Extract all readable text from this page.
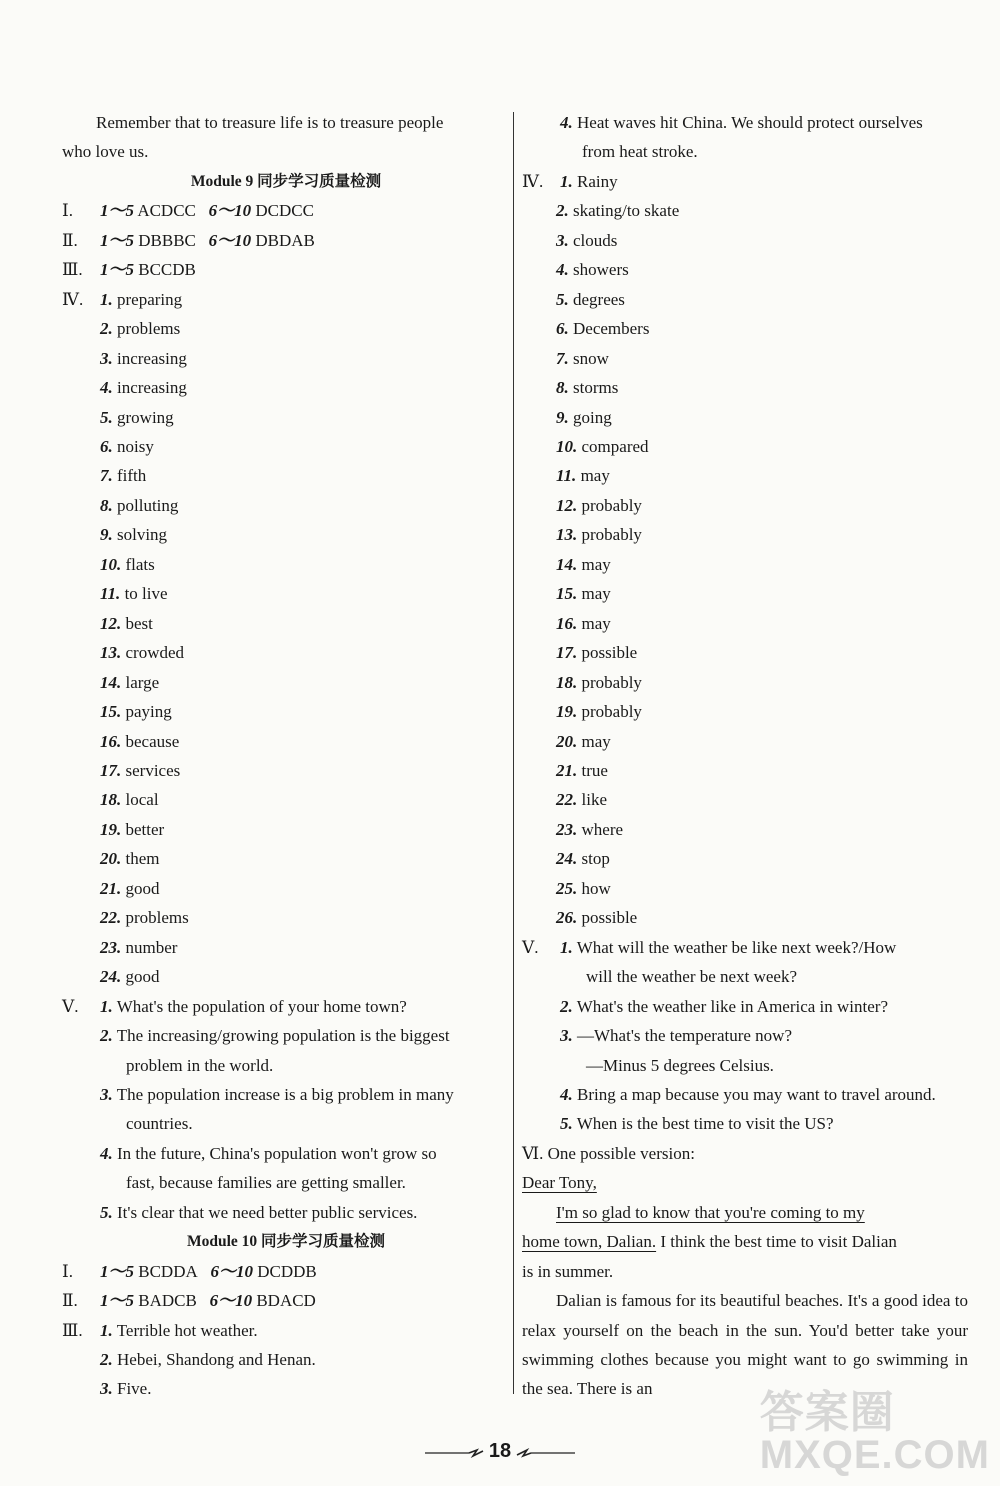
Remember that to treasure life is to treasure people
who love us.
Module 9 同步学习质量检测
Ⅰ. 1～5 ACDCC 6～10 DCDCC
Ⅱ. 1～5 DBBBC 6～10 DBDAB
Ⅲ. 1～5 BCCDB
Ⅳ. 1. preparing
2. problems
3. increasing
4. increasing
5. growing
6. noisy
7. fifth
8. polluting
9. solving
10. flats
11. to live
12. best
13. crowded
14. large
15. paying
16. because
17. services
18. local
19. better
20. them
21. good
22. problems
23. number
24. good
Ⅴ. 1. What's the population of your home town?
2. The increasing/growing population is the biggest
problem in the world.
3. The population increase is a big problem in many
countries.
4. In the future, China's population won't grow so
fast, because families are getting smaller.
5. It's clear that we need better public services.
Module 10 同步学习质量检测
Ⅰ. 1～5 BCDDA 6～10 DCDDB
Ⅱ. 1～5 BADCB 6～10 BDACD
Ⅲ. 1. Terrible hot weather.
2. Hebei, Shandong and Henan.
3. Five.
4. Heat waves hit China. We should protect ourselves
from heat stroke.
Ⅳ. 1. Rainy
2. skating/to skate
3. clouds
4. showers
5. degrees
6. Decembers
7. snow
8. storms
9. going
10. compared
11. may
12. probably
13. probably
14. may
15. may
16. may
17. possible
18. probably
19. probably
20. may
21. true
22. like
23. where
24. stop
25. how
26. possible
Ⅴ. 1. What will the weather be like next week?/How
will the weather be next week?
2. What's the weather like in America in winter?
3. —What's the temperature now?
—Minus 5 degrees Celsius.
4. Bring a map because you may want to travel around.
5. When is the best time to visit the US?
Ⅵ. One possible version:
Dear Tony,
I'm so glad to know that you're coming to my
home town, Dalian. I think the best time to visit Dalian
is in summer.
Dalian is famous for its beautiful beaches. It's a good idea to relax yourself on the beach in the sun. You'd better take your swimming clothes because you might want to go swimming in the sea. There is an
18
答案圈
MXQE.COM
